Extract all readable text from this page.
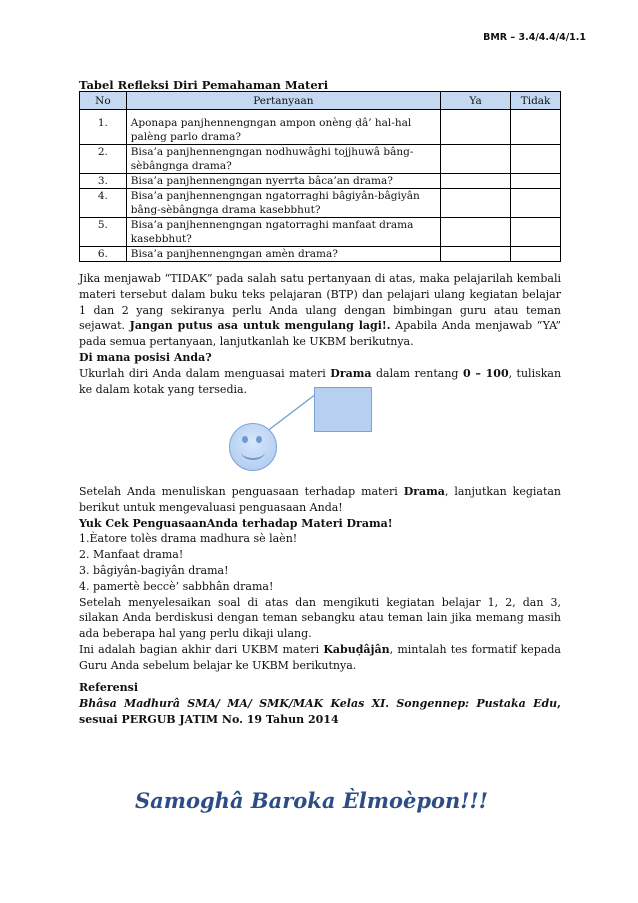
BMR – 3.4/4.4/4/1.1
Tabel Refleksi Diri Pemahaman Materi
No	Pertanyaan	Ya	Tidak
1.	Aponapa panjhennengngan ampon onèng ḍâ’ hal-hal palèng parlo drama?		
2.	Bisa’a panjhennengngan nodhuwâghi tojjhuwâ bâng-sèbângnga drama?		
3.	Bisa’a panjhennengngan nyerrta bâca’an drama?		
4.	Bisa’a panjhennengngan ngatorraghi bâgiyân-bâgiyân bâng-sèbângnga drama kasebbhut?		
5.	Bisa’a panjhennengngan ngatorraghi manfaat drama kasebbhut?		
6.	Bisa’a panjhennengngan amèn drama?		

Jika menjawab “TIDAK” pada salah satu pertanyaan di atas, maka pelajarilah kembali materi tersebut dalam buku teks pelajaran (BTP) dan pelajari ulang kegiatan belajar 1 dan 2 yang sekiranya perlu Anda ulang dengan bimbingan guru atau teman sejawat. Jangan putus asa untuk mengulang lagi!. Apabila Anda menjawab “YA” pada semua pertanyaan, lanjutkanlah ke UKBM berikutnya.

Di mana posisi Anda?

Ukurlah diri Anda dalam menguasai materi Drama dalam rentang 0 – 100, tuliskan ke dalam kotak yang tersedia.

Setelah Anda menuliskan penguasaan terhadap materi Drama, lanjutkan kegiatan berikut untuk mengevaluasi penguasaan Anda!

Yuk Cek PenguasaanAnda terhadap Materi Drama!

1.Èatore tolès drama madhura sè laèn!

2. Manfaat drama!

3. bâgiyân-bagiyân drama!

4. pamertè beccè’ sabbhân drama!

Setelah menyelesaikan soal di atas dan mengikuti kegiatan belajar 1, 2, dan 3, silakan Anda berdiskusi dengan teman sebangku atau teman lain jika memang masih ada beberapa hal yang perlu dikaji ulang.

Ini adalah bagian akhir dari UKBM materi Kabuḍâjân, mintalah tes formatif kepada Guru Anda sebelum belajar ke UKBM berikutnya.

Referensi

Bhâsa Madhurâ SMA/ MA/ SMK/MAK Kelas XI. Songennep: Pustaka Edu, sesuai PERGUB JATIM No. 19 Tahun 2014

Samoghâ Baroka Èlmoèpon!!!
